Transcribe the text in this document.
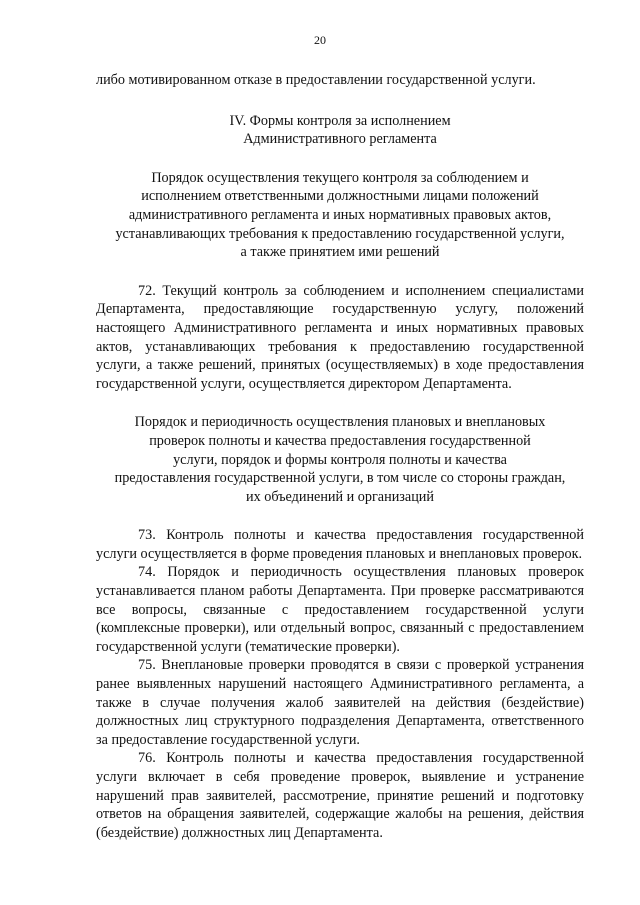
20

либо мотивированном отказе в предоставлении государственной услуги.

IV. Формы контроля за исполнением
Административного регламента
Порядок осуществления текущего контроля за соблюдением и
исполнением ответственными должностными лицами положений
административного регламента и иных нормативных правовых актов,
устанавливающих требования к предоставлению государственной услуги,
а также принятием ими решений

72. Текущий контроль за соблюдением и исполнением специалистами Департамента, предоставляющие государственную услугу, положений настоящего Административного регламента и иных нормативных правовых актов, устанавливающих требования к предоставлению государственной услуги, а также решений, принятых (осуществляемых) в ходе предоставления государственной услуги, осуществляется директором Департамента.

Порядок и периодичность осуществления плановых и внеплановых
проверок полноты и качества предоставления государственной
услуги, порядок и формы контроля полноты и качества
предоставления государственной услуги, в том числе со стороны граждан,
их объединений и организаций

73. Контроль полноты и качества предоставления государственной услуги осуществляется в форме проведения плановых и внеплановых проверок.

74. Порядок и периодичность осуществления плановых проверок устанавливается планом работы Департамента. При проверке рассматриваются все вопросы, связанные с предоставлением государственной услуги (комплексные проверки), или отдельный вопрос, связанный с предоставлением государственной услуги (тематические проверки).

75. Внеплановые проверки проводятся в связи с проверкой устранения ранее выявленных нарушений настоящего Административного регламента, а также в случае получения жалоб заявителей на действия (бездействие) должностных лиц структурного подразделения Департамента, ответственного за предоставление государственной услуги.

76. Контроль полноты и качества предоставления государственной услуги включает в себя проведение проверок, выявление и устранение нарушений прав заявителей, рассмотрение, принятие решений и подготовку ответов на обращения заявителей, содержащие жалобы на решения, действия (бездействие) должностных лиц Департамента.
